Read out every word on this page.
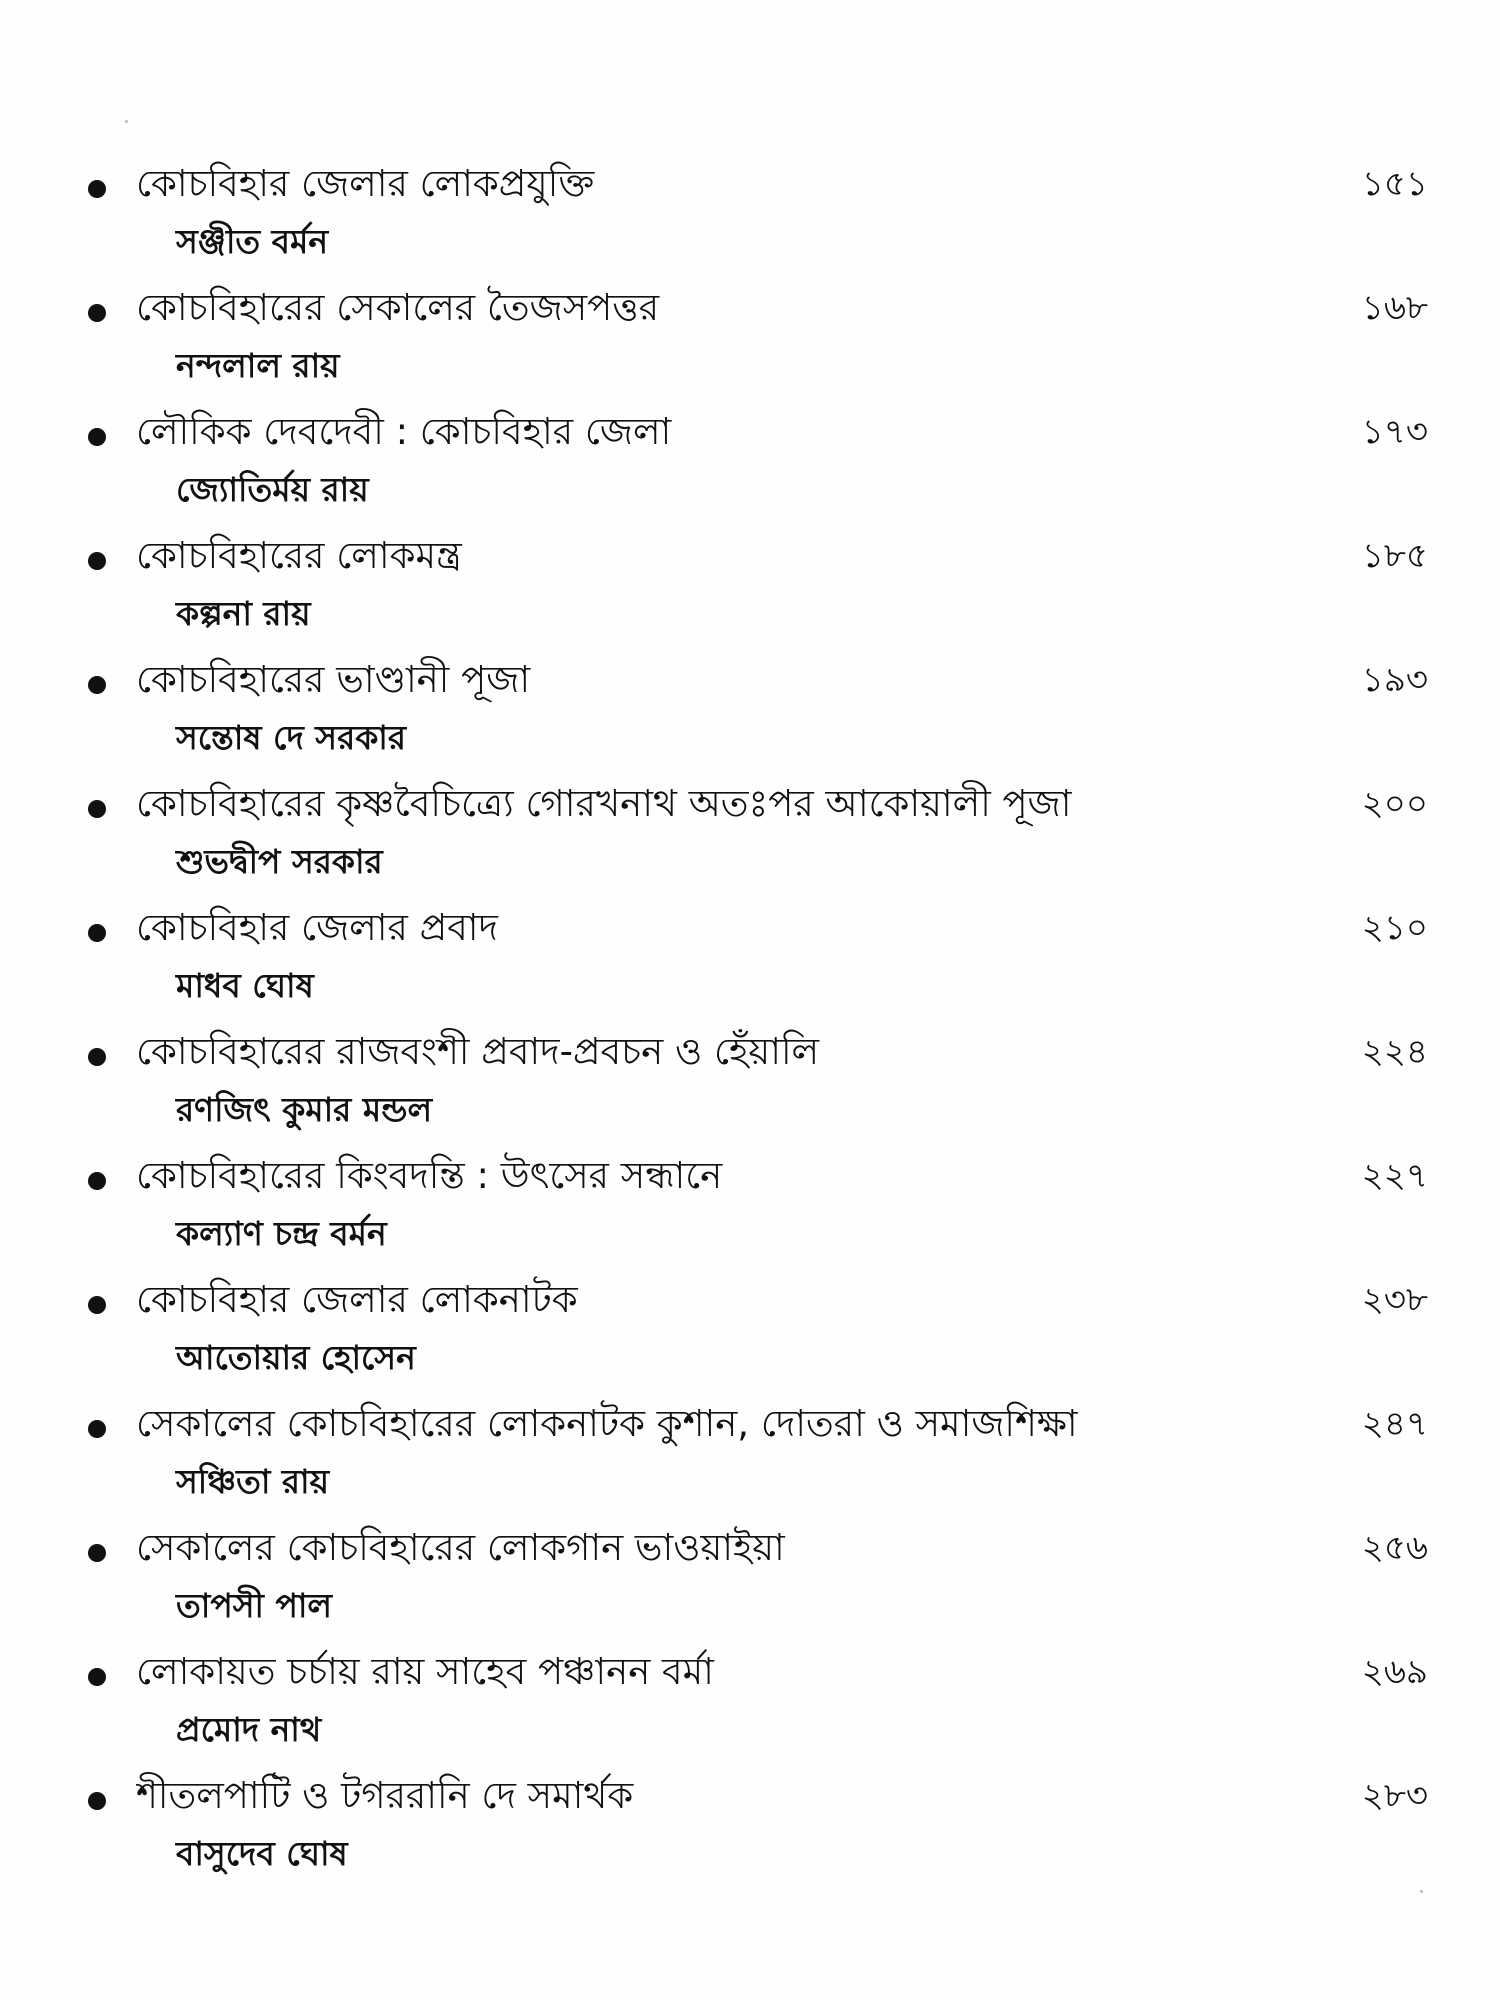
কোচবিহার জেলার লোকপ্রযুক্তি	১৫১
সঞ্জীত বর্মন
কোচবিহারের সেকালের তৈজসপত্তর	১৬৮
নন্দলাল রায়
লৌকিক দেবদেবী : কোচবিহার জেলা	১৭৩
জ্যোতির্ময় রায়
কোচবিহারের লোকমন্ত্র	১৮৫
কল্পনা রায়
কোচবিহারের ভাণ্ডানী পূজা	১৯৩
সন্তোষ দে সরকার
কোচবিহারের কৃষ্ণবৈচিত্র্যে গোরখনাথ অতঃপর আকোয়ালী পূজা	২০০
শুভদ্বীপ সরকার
কোচবিহার জেলার প্রবাদ	২১০
মাধব ঘোষ
কোচবিহারের রাজবংশী প্রবাদ-প্রবচন ও হেঁয়ালি	২২৪
রণজিৎ কুমার মন্ডল
কোচবিহারের কিংবদন্তি : উৎসের সন্ধানে	২২৭
কল্যাণ চন্দ্র বর্মন
কোচবিহার জেলার লোকনাটক	২৩৮
আতোয়ার হোসেন
সেকালের কোচবিহারের লোকনাটক কুশান, দোতরা ও সমাজশিক্ষা	২৪৭
সঞ্চিতা রায়
সেকালের কোচবিহারের লোকগান ভাওয়াইয়া	২৫৬
তাপসী পাল
লোকায়ত চর্চায় রায় সাহেব পঞ্চানন বর্মা	২৬৯
প্রমোদ নাথ
শীতলপাটি ও টগররানি দে সমার্থক	২৮৩
বাসুদেব ঘোষ
